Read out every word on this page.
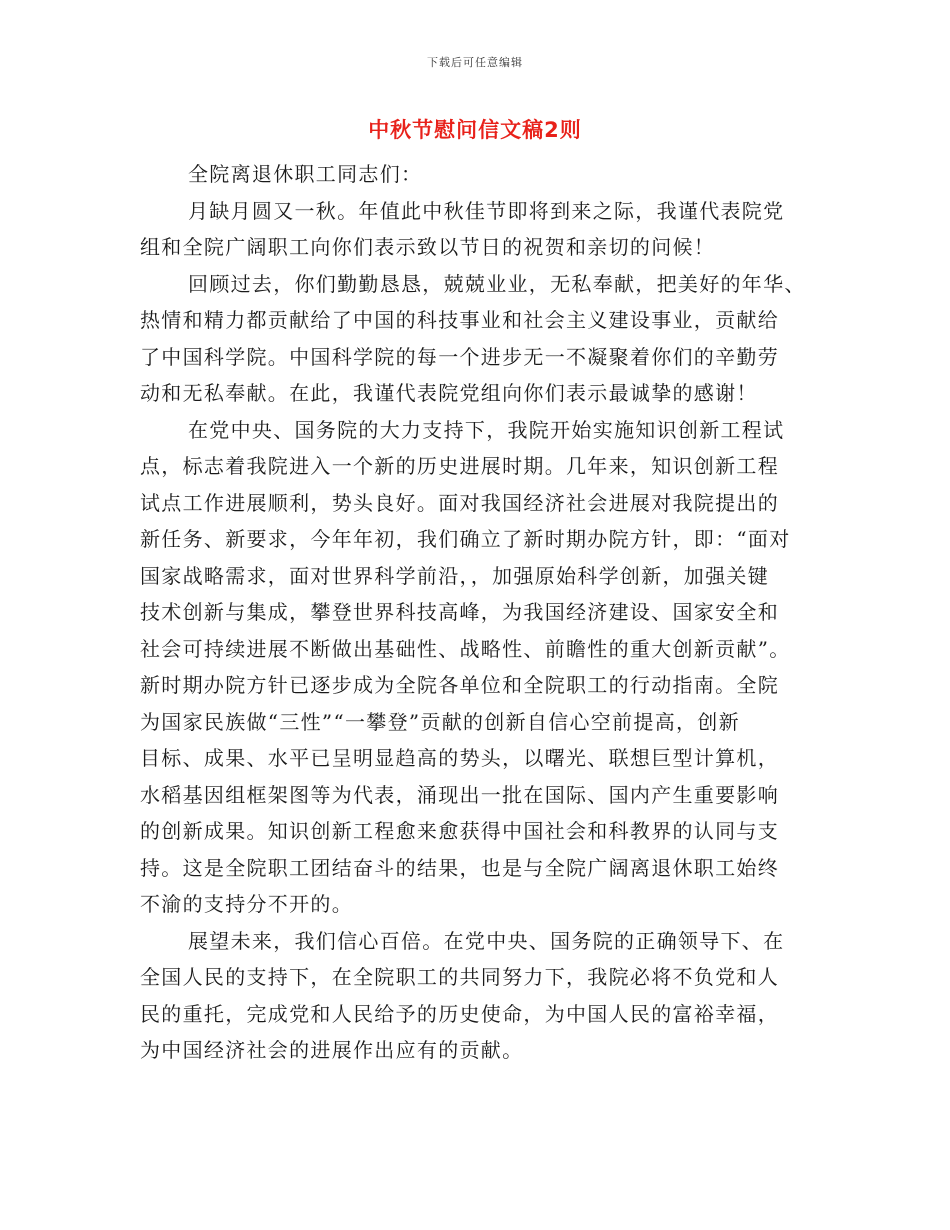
下载后可任意编辑
中秋节慰问信文稿2则

全院离退休职工同志们：

月缺月圆又一秋。年值此中秋佳节即将到来之际，我谨代表院党
组和全院广阔职工向你们表示致以节日的祝贺和亲切的问候！

回顾过去，你们勤勤恳恳，兢兢业业，无私奉献，把美好的年华、
热情和精力都贡献给了中国的科技事业和社会主义建设事业，贡献给
了中国科学院。中国科学院的每一个进步无一不凝聚着你们的辛勤劳
动和无私奉献。在此，我谨代表院党组向你们表示最诚挚的感谢！

在党中央、国务院的大力支持下，我院开始实施知识创新工程试
点，标志着我院进入一个新的历史进展时期。几年来，知识创新工程
试点工作进展顺利，势头良好。面对我国经济社会进展对我院提出的
新任务、新要求，今年年初，我们确立了新时期办院方针，即：“面对
国家战略需求，面对世界科学前沿，，加强原始科学创新，加强关键
技术创新与集成，攀登世界科技高峰，为我国经济建设、国家安全和
社会可持续进展不断做出基础性、战略性、前瞻性的重大创新贡献”。
新时期办院方针已逐步成为全院各单位和全院职工的行动指南。全院
为国家民族做“三性”“一攀登”贡献的创新自信心空前提高，创新
目标、成果、水平已呈明显趋高的势头，以曙光、联想巨型计算机，
水稻基因组框架图等为代表，涌现出一批在国际、国内产生重要影响
的创新成果。知识创新工程愈来愈获得中国社会和科教界的认同与支
持。这是全院职工团结奋斗的结果，也是与全院广阔离退休职工始终
不渝的支持分不开的。

展望未来，我们信心百倍。在党中央、国务院的正确领导下、在
全国人民的支持下，在全院职工的共同努力下，我院必将不负党和人
民的重托，完成党和人民给予的历史使命，为中国人民的富裕幸福，
为中国经济社会的进展作出应有的贡献。
